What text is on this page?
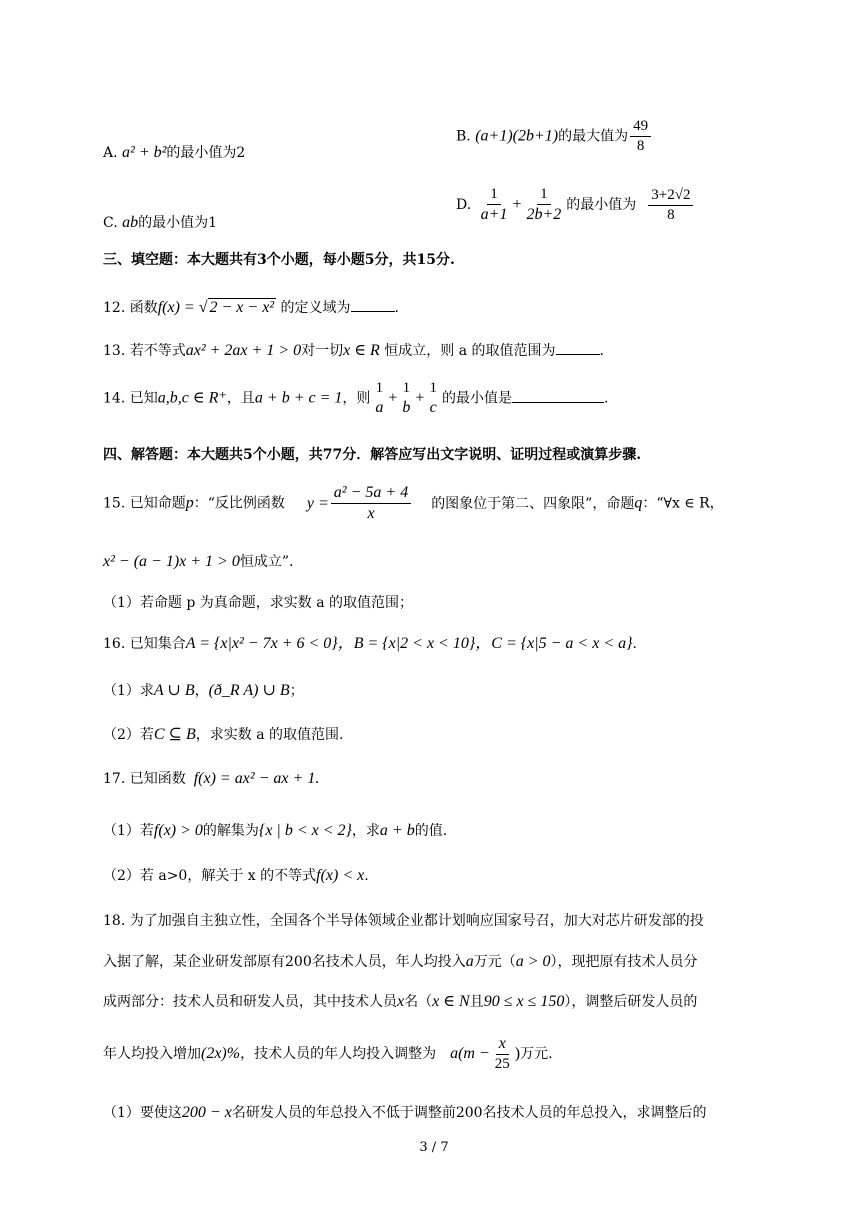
A. a² + b²的最小值为2
B. (a+1)(2b+1)的最大值为 $\frac{49}{8}$
C. ab的最小值为1
D. $\frac{1}{a+1} + \frac{1}{2b+2}$ 的最小值为 $\frac{3+2√2}{8}$
三、填空题：本大题共有3个小题，每小题5分，共15分.
12. 函数f(x) = √ 2 − x − x² 的定义域为	.
13. 若不等式ax² + 2ax + 1 > 0对一切x ∈ R 恒成立，则 a 的取值范围为	.
14. 已知a,b,c ∈ R⁺，且a + b + c = 1，则
1
a
+
1
b
+
1
c
的最小值是	.
四、解答题：本大题共5个小题，共77分．解答应写出文字说明、证明过程或演算步骤.
15. 已知命题p：“反比例函数 $y = \frac{\text{a² − 5a + 4}}{x}$ 的图象位于第二、四象限”，命题q：“∀x ∈ R，
x² − (a − 1)x + 1 > 0恒成立”.
（1）若命题 p 为真命题，求实数 a 的取值范围；
16. 已知集合A = {x|x² − 7x + 6 < 0}，B = {x|2 < x < 10}，C = {x|5 − a < x < a}.
（1）求A ∪ B，(ð_R A) ∪ B；
（2）若C ⊆ B，求实数 a 的取值范围.
17. 已知函数 f(x) = ax² − ax + 1.
（1）若f(x) > 0的解集为{x | b < x < 2}，求a + b的值.
（2）若 a>0，解关于 x 的不等式f(x) < x.
18. 为了加强自主独立性，全国各个半导体领域企业都计划响应国家号召，加大对芯片研发部的投
入据了解，某企业研发部原有200名技术人员，年人均投入a万元（a > 0），现把原有技术人员分
成两部分：技术人员和研发人员，其中技术人员x名（x ∈ N且90 ≤ x ≤ 150），调整后研发人员的
年人均投入增加(2x)%，技术人员的年人均投入调整为 $a(m - \frac{x}{25}$ )万元.
（1）要使这200 − x名研发人员的年总投入不低于调整前200名技术人员的年总投入，求调整后的
3 / 7
